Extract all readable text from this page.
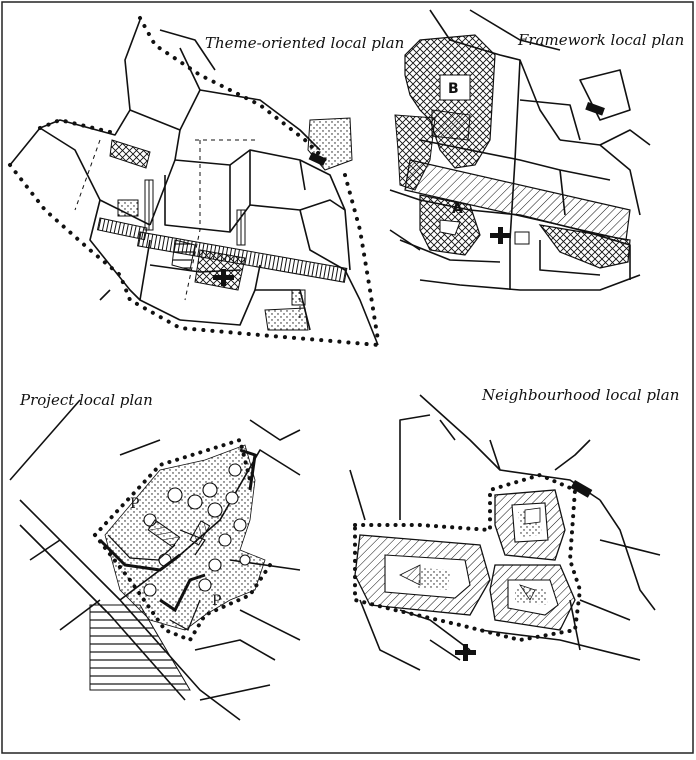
Theme-oriented local plan	Framework local plan
B
A
Project local plan
P
P
Neighbourhood local plan
